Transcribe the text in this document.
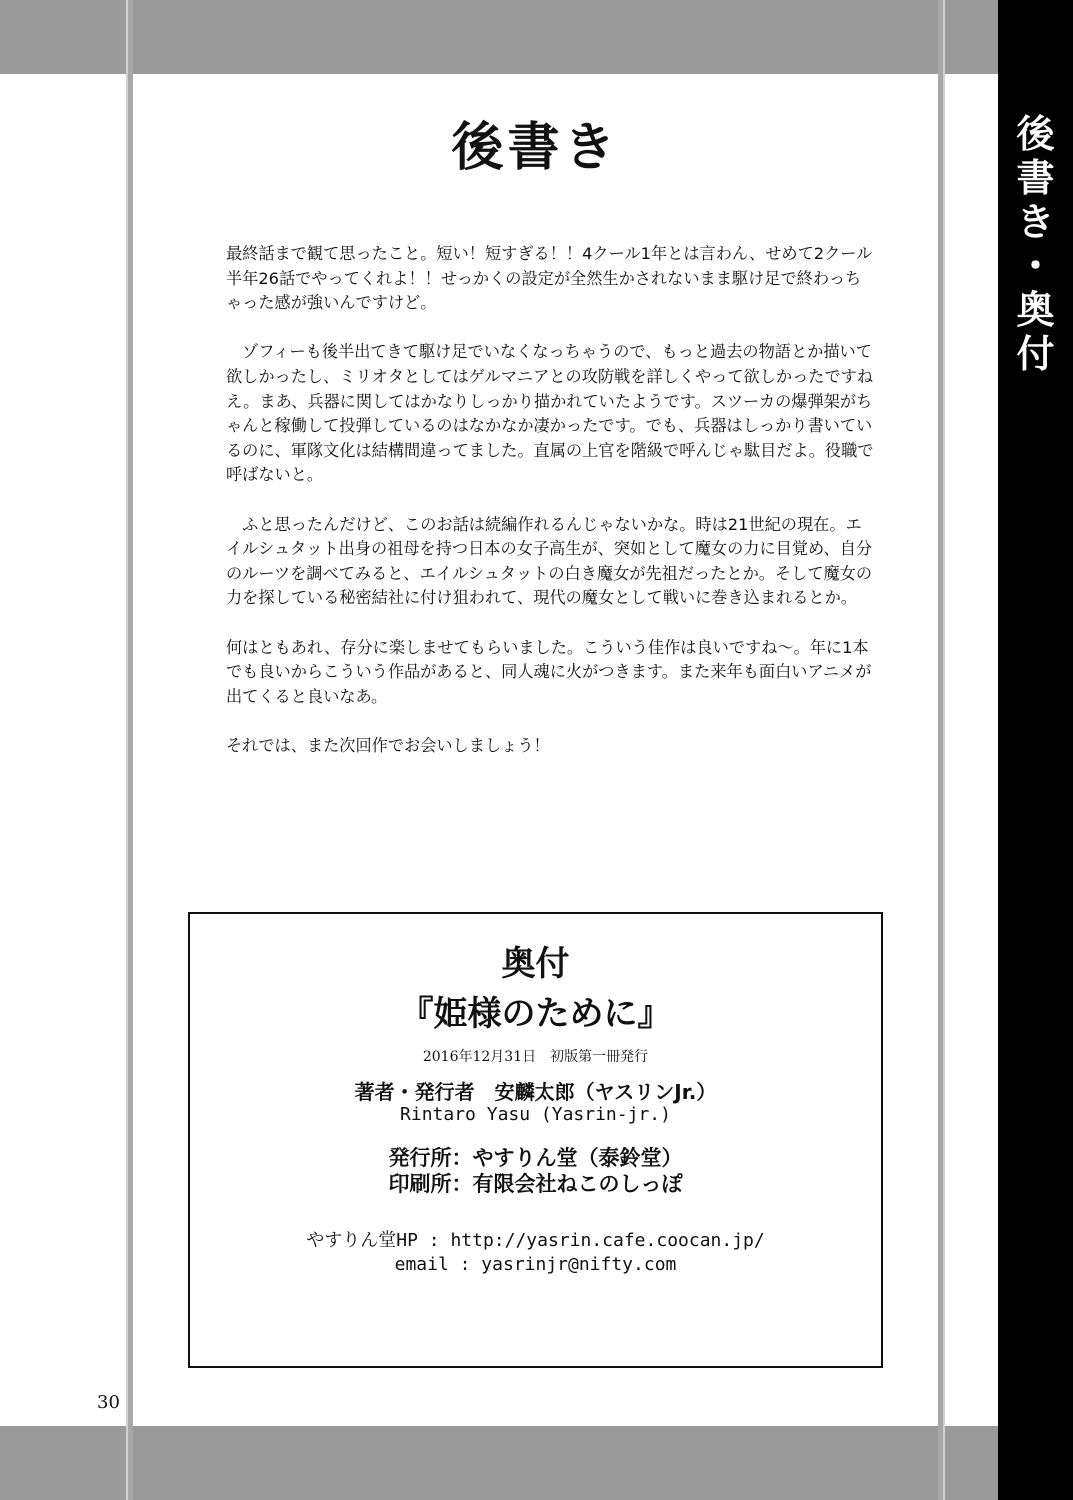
後
書
き
・
奥
付
後書き

最終話まで観て思ったこと。短い！短すぎる！！4クール1年とは言わん、せめて2クール半年26話でやってくれよ！！せっかくの設定が全然生かされないまま駆け足で終わっちゃった感が強いんですけど。

　ゾフィーも後半出てきて駆け足でいなくなっちゃうので、もっと過去の物語とか描いて欲しかったし、ミリオタとしてはゲルマニアとの攻防戦を詳しくやって欲しかったですねえ。まあ、兵器に関してはかなりしっかり描かれていたようです。スツーカの爆弾架がちゃんと稼働して投弾しているのはなかなか凄かったです。でも、兵器はしっかり書いているのに、軍隊文化は結構間違ってました。直属の上官を階級で呼んじゃ駄目だよ。役職で呼ばないと。

　ふと思ったんだけど、このお話は続編作れるんじゃないかな。時は21世紀の現在。エイルシュタット出身の祖母を持つ日本の女子高生が、突如として魔女の力に目覚め、自分のルーツを調べてみると、エイルシュタットの白き魔女が先祖だったとか。そして魔女の力を探している秘密結社に付け狙われて、現代の魔女として戦いに巻き込まれるとか。

何はともあれ、存分に楽しませてもらいました。こういう佳作は良いですね〜。年に1本でも良いからこういう作品があると、同人魂に火がつきます。また来年も面白いアニメが出てくると良いなあ。

それでは、また次回作でお会いしましょう！

奥付
『姫様のために』
2016年12月31日　初版第一冊発行
著者・発行者　安麟太郎（ヤスリンJr.）
Rintaro Yasu (Yasrin-jr.)
発行所：やすりん堂（泰鈴堂）
印刷所：有限会社ねこのしっぽ
やすりん堂HP : http://yasrin.cafe.coocan.jp/
email : yasrinjr@nifty.com
30
